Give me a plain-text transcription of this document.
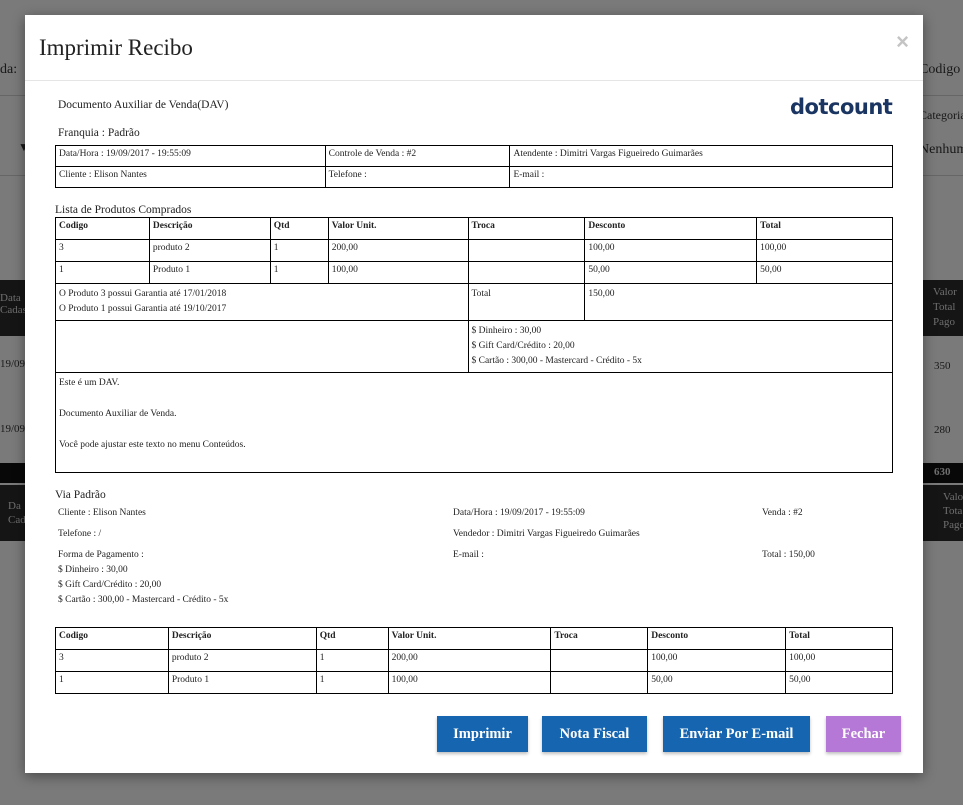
Imprimir Recibo	×
Documento Auxiliar de Venda(DAV)	dotcount
Franquia : Padrão
Data/Hora : 19/09/2017 - 19:55:09	Controle de Venda : #2	Atendente : Dimitri Vargas Figueiredo Guimarães
Cliente : Elison Nantes	Telefone :	E-mail :
Lista de Produtos Comprados
Codigo	Descrição	Qtd	Valor Unit.	Troca	Desconto	Total
3	produto 2	1	200,00		100,00	100,00
1	Produto 1	1	100,00		50,00	50,00

O Produto 3 possui Garantia até 17/01/2018
O Produto 1 possui Garantia até 19/10/2017				Total	150,00	

				$ Dinheiro : 30,00
$ Gift Card/Crédito : 20,00
$ Cartão : 300,00 - Mastercard - Crédito - 5x		

Este é um DAV.
Documento Auxiliar de Venda.
Você pode ajustar este texto no menu Conteúdos.						
Via Padrão
Cliente : Elison Nantes	Data/Hora : 19/09/2017 - 19:55:09	Venda : #2
Telefone : /	Vendedor : Dimitri Vargas Figueiredo Guimarães
Forma de Pagamento :
$ Dinheiro : 30,00
$ Gift Card/Crédito : 20,00
$ Cartão : 300,00 - Mastercard - Crédito - 5x
E-mail :	Total : 150,00
Codigo	Descrição	Qtd	Valor Unit.	Troca	Desconto	Total
3	produto 2	1	200,00		100,00	100,00
1	Produto 1	1	100,00		50,00	50,00
Imprimir	Nota Fiscal	Enviar Por E-mail	Fechar
